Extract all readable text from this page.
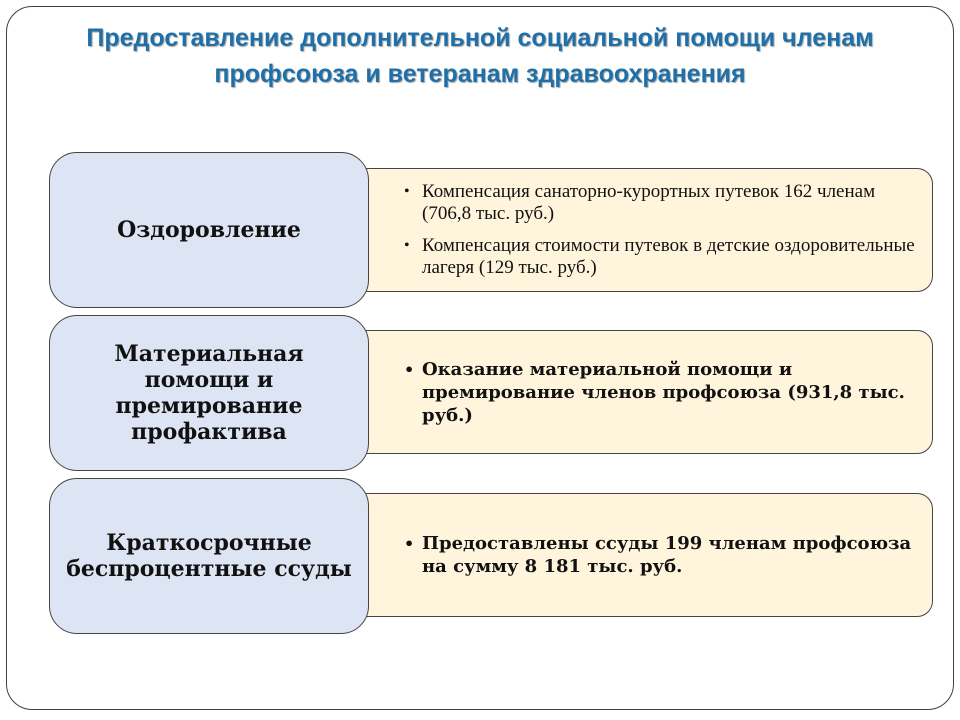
Предоставление дополнительной социальной помощи членам
профсоюза и ветеранам здравоохранения
• Компенсация санаторно-курортных путевок 162 членам (706,8 тыс. руб.)
• Компенсация стоимости путевок в детские оздоровительные лагеря (129 тыс. руб.)
Оздоровление
• Оказание материальной помощи и премирование членов профсоюза (931,8 тыс. руб.)
Материальная помощи и премирование профактива
• Предоставлены ссуды 199 членам профсоюза на сумму 8 181 тыс. руб.
Краткосрочные беспроцентные ссуды
